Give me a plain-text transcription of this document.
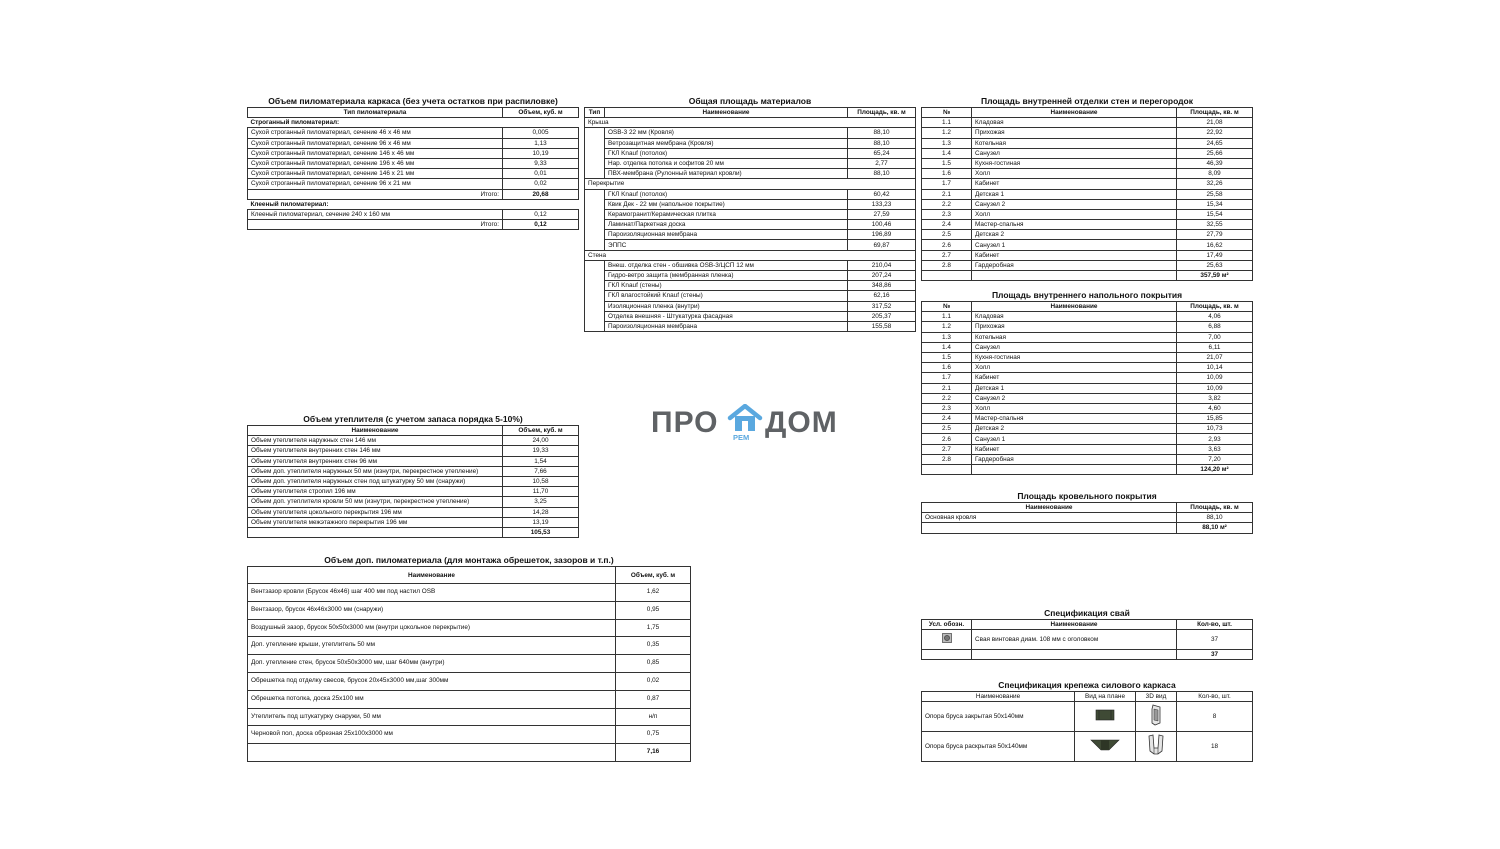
Объем пиломатериала каркаса (без учета остатков при распиловке)
Тип пиломатериала	Объем, куб. м
Строганный пиломатериал:	
Сухой строганный пиломатериал, сечение 46 х 46 мм	0,005
Сухой строганный пиломатериал, сечение 96 х 46 мм	1,13
Сухой строганный пиломатериал, сечение 146 х 46 мм	10,19
Сухой строганный пиломатериал, сечение 196 х 46 мм	9,33
Сухой строганный пиломатериал, сечение 146 х 21 мм	0,01
Сухой строганный пиломатериал, сечение 96 х 21 мм	0,02
Итого:	20,68
Клееный пиломатериал:	
Клееный пиломатериал, сечение 240 х 160 мм	0,12
Итого:	0,12
Общая площадь материалов
Тип	Наименование	Площадь, кв. м
Крыша		
	OSB-3 22 мм (Кровля)	88,10
	Ветрозащитная мембрана (Кровля)	88,10
	ГКЛ Knauf (потолок)	65,24
	Нар. отделка потолка и софитов 20 мм	2,77
	ПВХ-мембрана (Рулонный материал кровли)	88,10
Перекрытие		
	ГКЛ Knauf (потолок)	60,42
	Квик Дек - 22 мм (напольное покрытие)	133,23
	Керамогранит/Керамическая плитка	27,59
	Ламинат/Паркетная доска	100,46
	Пароизоляционная мембрана	196,89
	ЭППС	69,87
Стена		
	Внеш. отделка стен - обшивка OSB-3/ЦСП 12 мм	210,04
	Гидро-ветро защита (мембранная пленка)	207,24
	ГКЛ Knauf (стены)	348,86
	ГКЛ влагостойкий Knauf (стены)	62,16
	Изоляционная пленка (внутри)	317,52
	Отделка внешняя - Штукатурка фасадная	205,37
	Пароизоляционная мембрана	155,58
Площадь внутренней отделки стен и перегородок
№	Наименование	Площадь, кв. м
1.1	Кладовая	21,08
1.2	Прихожая	22,92
1.3	Котельная	24,65
1.4	Санузел	25,66
1.5	Кухня-гостиная	46,39
1.6	Холл	8,09
1.7	Кабинет	32,26
2.1	Детская 1	25,58
2.2	Санузел 2	15,34
2.3	Холл	15,54
2.4	Мастер-спальня	32,55
2.5	Детская 2	27,79
2.6	Санузел 1	16,62
2.7	Кабинет	17,49
2.8	Гардеробная	25,63
		357,59 м²
Площадь внутреннего напольного покрытия
№	Наименование	Площадь, кв. м
1.1	Кладовая	4,06
1.2	Прихожая	6,88
1.3	Котельная	7,00
1.4	Санузел	6,11
1.5	Кухня-гостиная	21,07
1.6	Холл	10,14
1.7	Кабинет	10,09
2.1	Детская 1	10,09
2.2	Санузел 2	3,82
2.3	Холл	4,60
2.4	Мастер-спальня	15,85
2.5	Детская 2	10,73
2.6	Санузел 1	2,93
2.7	Кабинет	3,63
2.8	Гардеробная	7,20
		124,20 м²
Площадь кровельного покрытия
Наименование	Площадь, кв. м
Основная кровля	88,10
	88,10 м²
Объем утеплителя (с учетом запаса порядка 5-10%)
Наименование	Объем, куб. м
Объем утеплителя наружных стен 146 мм	24,00
Объем утеплителя внутренних стен 146 мм	19,33
Объем утеплителя внутренних стен 96 мм	1,54
Объем доп. утеплителя наружных 50 мм (изнутри, перекрестное утепление)	7,66
Объем доп. утеплителя наружных стен под штукатурку 50 мм (снаружи)	10,58
Объем утеплителя стропил 196 мм	11,70
Объем доп. утеплителя кровли 50 мм (изнутри, перекрестное утепление)	3,25
Объем утеплителя цокольного перекрытия 196 мм	14,28
Объем утеплителя межэтажного перекрытия 196 мм	13,19
	105,53
Объем доп. пиломатериала (для монтажа обрешеток, зазоров и т.п.)
Наименование	Объем, куб. м
Вентзазор кровли (Брусок 46х46) шаг 400 мм под настил OSB	1,62
Вентзазор, брусок 46х46х3000 мм (снаружи)	0,95
Воздушный зазор, брусок 50х50х3000 мм (внутри цокольное перекрытие)	1,75
Доп. утепление крыши, утеплитель 50 мм	0,35
Доп. утепление стен, брусок 50х50х3000 мм, шаг 640мм (внутри)	0,85
Обрешетка под отделку свесов, брусок 20х45х3000 мм,шаг 300мм	0,02
Обрешетка потолка, доска 25х100 мм	0,87
Утеплитель под штукатурку снаружи, 50 мм	н/п
Черновой пол, доска обрезная 25х100х3000 мм	0,75
	7,16
Спецификация свай
Усл. обозн.	Наименование	Кол-во, шт.
	Свая винтовая диам. 108 мм с оголовком	37
		37
Спецификация крепежа силового каркаса
Наименование	Вид на плане	3D вид	Кол-во, шт.
Опора бруса закрытая 50х140мм			8
Опора бруса раскрытая 50х140мм			18
ПРО РЕМ ДОМ
